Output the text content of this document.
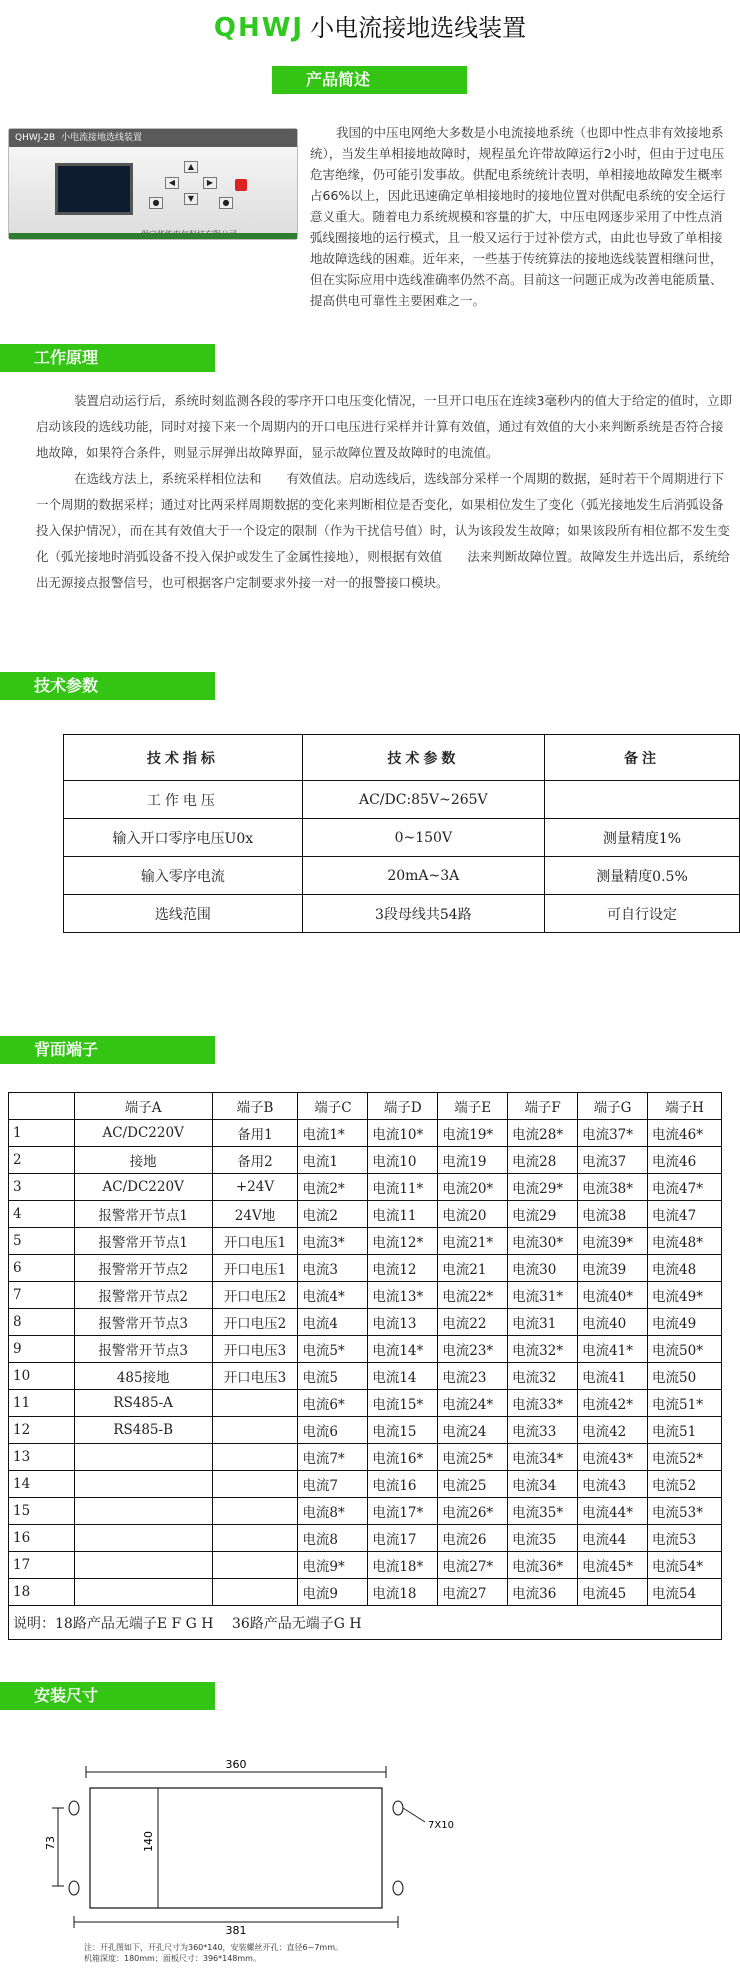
QHWJ 小电流接地选线装置
产品简述
QHWJ-2B 小电流接地选线装置
▲
◀	▶
▼
●	●
我国的中压电网绝大多数是小电流接地系统（也即中性点非有效接地系统），当发生单相接地故障时，规程虽允许带故障运行2小时，但由于过电压危害绝缘，仍可能引发事故。供配电系统统计表明，单相接地故障发生概率占66%以上，因此迅速确定单相接地时的接地位置对供配电系统的安全运行意义重大。随着电力系统规模和容量的扩大，中压电网逐步采用了中性点消弧线圈接地的运行模式，且一般又运行于过补偿方式，由此也导致了单相接地故障选线的困难。近年来，一些基于传统算法的接地选线装置相继问世，但在实际应用中选线准确率仍然不高。目前这一问题正成为改善电能质量、提高供电可靠性主要困难之一。
工作原理

装置启动运行后，系统时刻监测各段的零序开口电压变化情况，一旦开口电压在连续3毫秒内的值大于给定的值时，立即启动该段的选线功能，同时对接下来一个周期内的开口电压进行采样并计算有效值，通过有效值的大小来判断系统是否符合接地故障，如果符合条件，则显示屏弹出故障界面，显示故障位置及故障时的电流值。

在选线方法上，系统采样相位法和　　有效值法。启动选线后，选线部分采样一个周期的数据，延时若干个周期进行下一个周期的数据采样；通过对比两采样周期数据的变化来判断相位是否变化，如果相位发生了变化（弧光接地发生后消弧设备投入保护情况），而在其有效值大于一个设定的限制（作为干扰信号值）时，认为该段发生故障；如果该段所有相位都不发生变化（弧光接地时消弧设备不投入保护或发生了金属性接地），则根据有效值　　法来判断故障位置。故障发生并选出后，系统给出无源接点报警信号，也可根据客户定制要求外接一对一的报警接口模块。

技术参数
技术指标	技术参数	备注
工作电压	AC/DC:85V~265V	
输入开口零序电压U0x	0~150V	测量精度1%
输入零序电流	20mA~3A	测量精度0.5%
选线范围	3段母线共54路	可自行设定
背面端子
	端子A	端子B	端子C	端子D	端子E	端子F	端子G	端子H
1	AC/DC220V	备用1	电流1*	电流10*	电流19*	电流28*	电流37*	电流46*
2	接地	备用2	电流1	电流10	电流19	电流28	电流37	电流46
3	AC/DC220V	+24V	电流2*	电流11*	电流20*	电流29*	电流38*	电流47*
4	报警常开节点1	24V地	电流2	电流11	电流20	电流29	电流38	电流47
5	报警常开节点1	开口电压1	电流3*	电流12*	电流21*	电流30*	电流39*	电流48*
6	报警常开节点2	开口电压1	电流3	电流12	电流21	电流30	电流39	电流48
7	报警常开节点2	开口电压2	电流4*	电流13*	电流22*	电流31*	电流40*	电流49*
8	报警常开节点3	开口电压2	电流4	电流13	电流22	电流31	电流40	电流49
9	报警常开节点3	开口电压3	电流5*	电流14*	电流23*	电流32*	电流41*	电流50*
10	485接地	开口电压3	电流5	电流14	电流23	电流32	电流41	电流50
11	RS485-A		电流6*	电流15*	电流24*	电流33*	电流42*	电流51*
12	RS485-B		电流6	电流15	电流24	电流33	电流42	电流51
13			电流7*	电流16*	电流25*	电流34*	电流43*	电流52*
14			电流7	电流16	电流25	电流34	电流43	电流52
15			电流8*	电流17*	电流26*	电流35*	电流44*	电流53*
16			电流8	电流17	电流26	电流35	电流44	电流53
17			电流9*	电流18*	电流27*	电流36*	电流45*	电流54*
18			电流9	电流18	电流27	电流36	电流45	电流54
说明：18路产品无端子E F G H　 36路产品无端子G H								
安装尺寸
360
140
73
7X10
381
注：开孔图如下，开孔尺寸为360*140，安装螺丝开孔：直径6~7mm。
机箱深度：180mm；面板尺寸：396*148mm。
